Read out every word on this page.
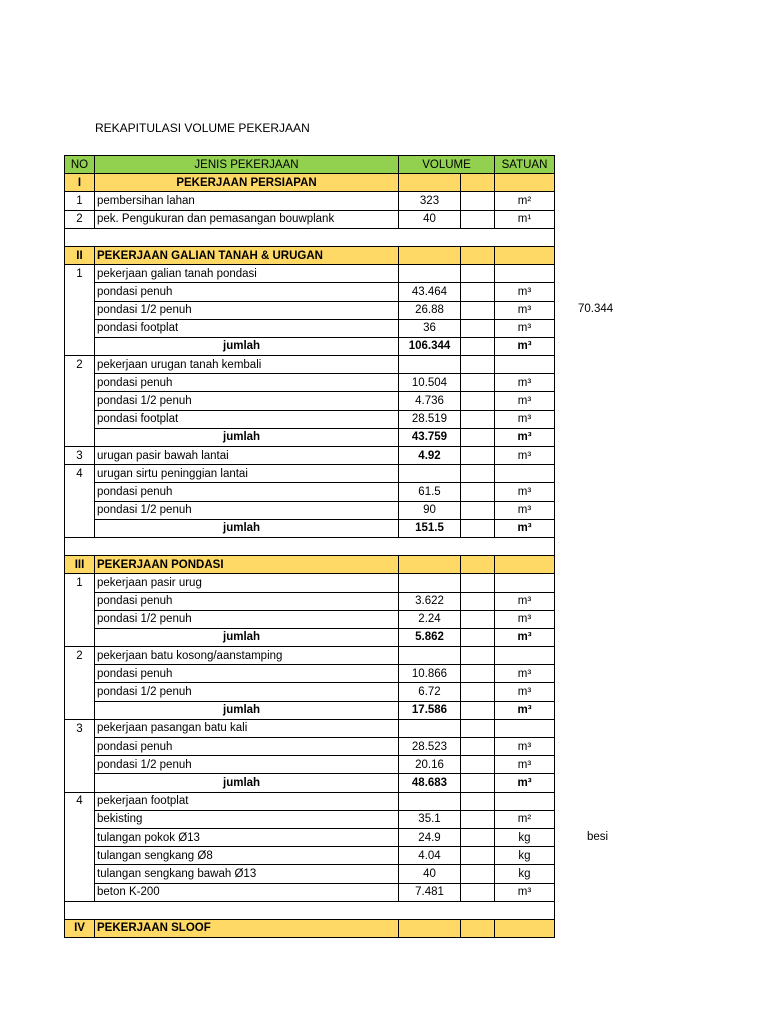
REKAPITULASI VOLUME PEKERJAAN
NO	JENIS PEKERJAAN	VOLUME		SATUAN
I	PEKERJAAN PERSIAPAN			
1	pembersihan lahan	323		m²
2	pek. Pengukuran dan pemasangan bouwplank	40		m¹

II	PEKERJAAN GALIAN TANAH & URUGAN			
1	pekerjaan galian tanah pondasi			
	pondasi penuh	43.464		m³
	pondasi 1/2 penuh	26.88		m³
	pondasi footplat	36		m³
	jumlah	106.344		m³
2	pekerjaan urugan tanah kembali			
	pondasi penuh	10.504		m³
	pondasi 1/2 penuh	4.736		m³
	pondasi footplat	28.519		m³
	jumlah	43.759		m³
3	urugan pasir bawah lantai	4.92		m³
4	urugan sirtu peninggian lantai			
	pondasi penuh	61.5		m³
	pondasi 1/2 penuh	90		m³
	jumlah	151.5		m³

III	PEKERJAAN PONDASI			
1	pekerjaan pasir urug			
	pondasi penuh	3.622		m³
	pondasi 1/2 penuh	2.24		m³
	jumlah	5.862		m³
2	pekerjaan batu kosong/aanstamping			
	pondasi penuh	10.866		m³
	pondasi 1/2 penuh	6.72		m³
	jumlah	17.586		m³
3	pekerjaan pasangan batu kali			
	pondasi penuh	28.523		m³
	pondasi 1/2 penuh	20.16		m³
	jumlah	48.683		m³
4	pekerjaan footplat			
	bekisting	35.1		m²
	tulangan pokok Ø13	24.9		kg
	tulangan sengkang Ø8	4.04		kg
	tulangan sengkang bawah Ø13	40		kg
	beton K-200	7.481		m³

IV	PEKERJAAN SLOOF			
70.344
besi
